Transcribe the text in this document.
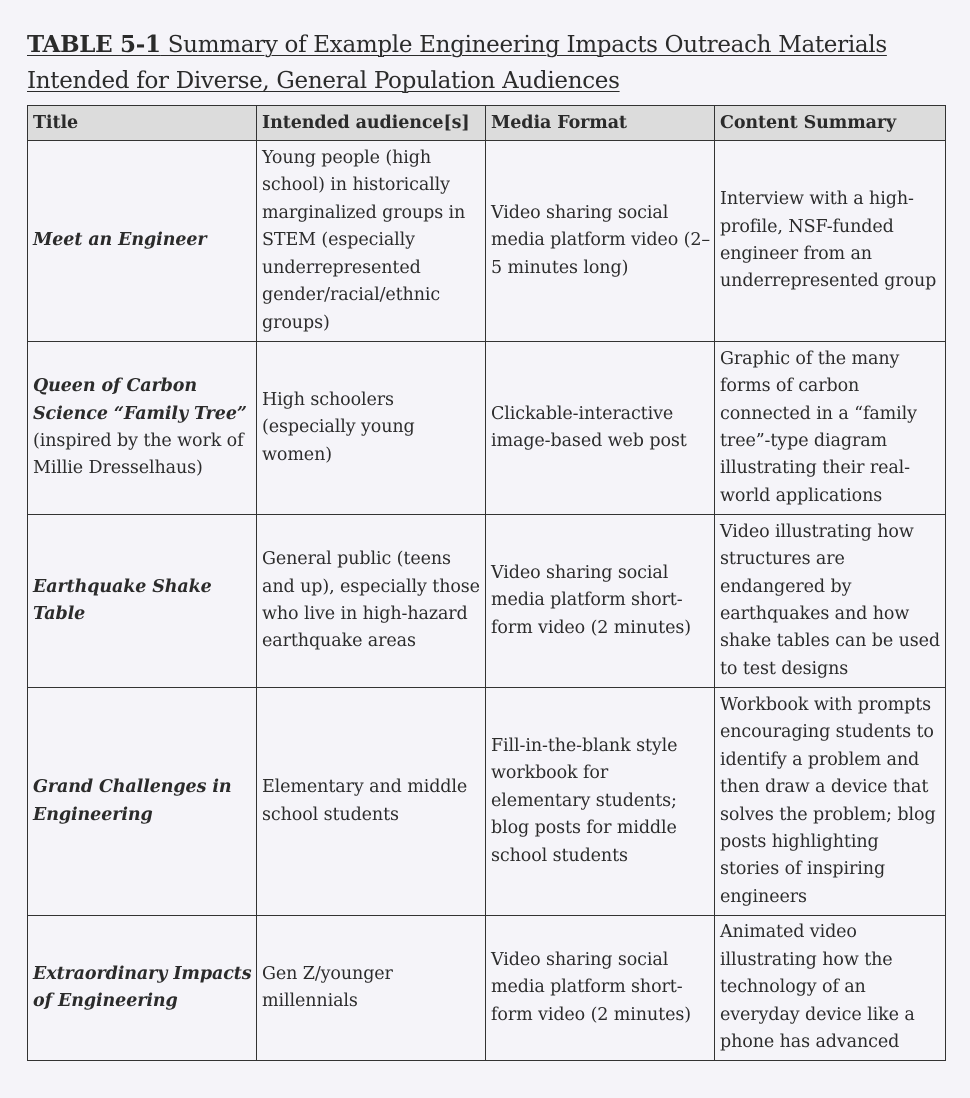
TABLE 5-1 Summary of Example Engineering Impacts Outreach Materials Intended for Diverse, General Population Audiences
Title	Intended audience[s]	Media Format	Content Summary
Meet an Engineer	Young people (high school) in historically marginalized groups in STEM (especially underrepresented gender/racial/ethnic groups)	Video sharing social media platform video (2–5 minutes long)	Interview with a high-profile, NSF-funded engineer from an underrepresented group
Queen of Carbon Science “Family Tree” (inspired by the work of Millie Dresselhaus)	High schoolers (especially young women)	Clickable-interactive image-based web post	Graphic of the many forms of carbon connected in a “family tree”-type diagram illustrating their real-world applications
Earthquake Shake Table	General public (teens and up), especially those who live in high-hazard earthquake areas	Video sharing social media platform short-form video (2 minutes)	Video illustrating how structures are endangered by earthquakes and how shake tables can be used to test designs
Grand Challenges in Engineering	Elementary and middle school students	Fill-in-the-blank style workbook for elementary students; blog posts for middle school students	Workbook with prompts encouraging students to identify a problem and then draw a device that solves the problem; blog posts highlighting stories of inspiring engineers
Extraordinary Impacts of Engineering	Gen Z/younger millennials	Video sharing social media platform short-form video (2 minutes)	Animated video illustrating how the technology of an everyday device like a phone has advanced
